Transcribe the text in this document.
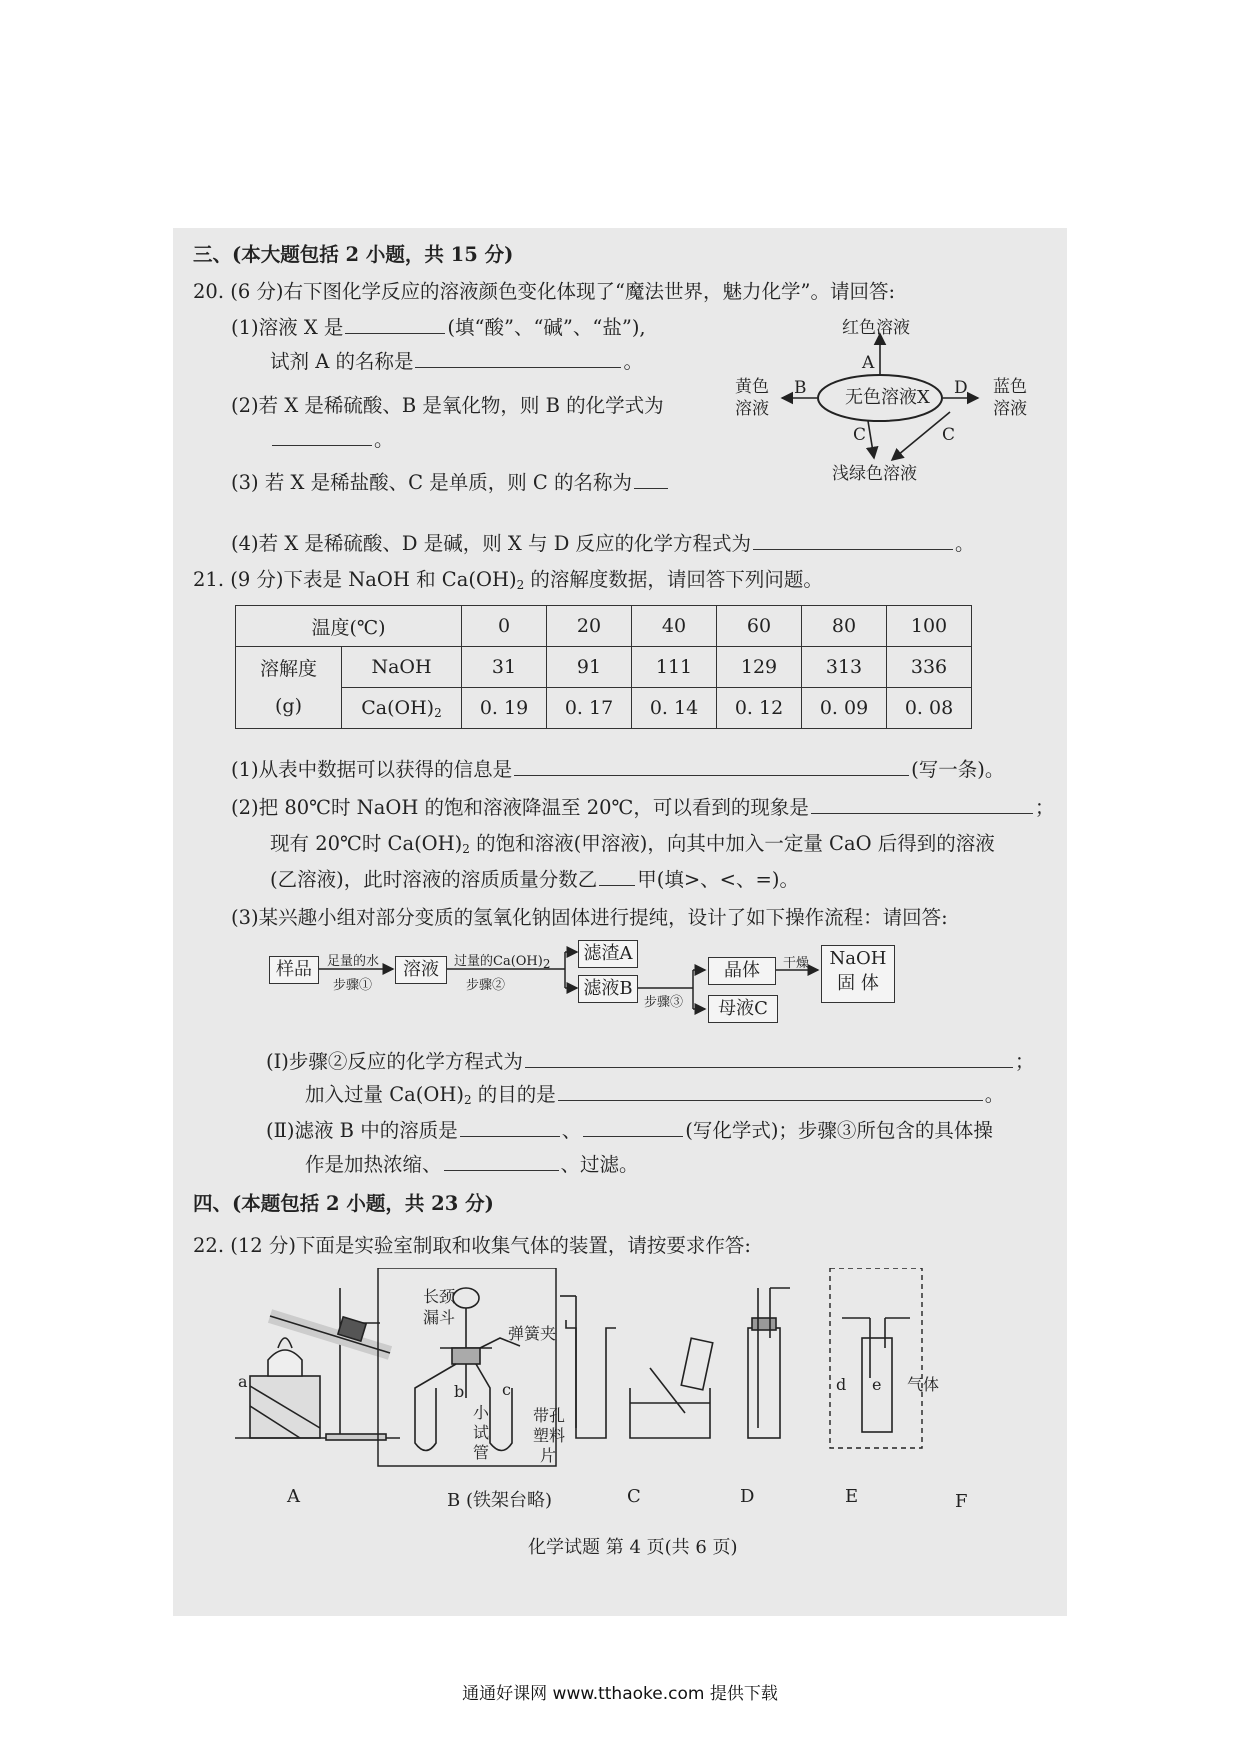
三、(本大题包括 2 小题，共 15 分)
20. (6 分)右下图化学反应的溶液颜色变化体现了“魔法世界，魅力化学”。请回答:
(1)溶液 X 是	(填“酸”、“碱”、“盐”),
试剂 A 的名称是	。
(2)若 X 是稀硫酸、B 是氧化物，则 B 的化学式为
。
(3) 若 X 是稀盐酸、C 是单质，则 C 的名称为
(4)若 X 是稀硫酸、D 是碱，则 X 与 D 反应的化学方程式为	。
无色溶液X
红色溶液
A
黄色
溶液
B	D 蓝色
溶液
C	C
浅绿色溶液
21. (9 分)下表是 NaOH 和 $Ca(OH)_2$ 的溶解度数据，请回答下列问题。
温度(℃)		0	20	40	60	80	100
溶解度
(g)	NaOH	31	91	111	129	313	336
	$Ca(OH)_2$	0. 19	0. 17	0. 14	0. 12	0. 09	0. 08
(1)从表中数据可以获得的信息是	(写一条)。
(2)把 80℃时 NaOH 的饱和溶液降温至 20℃，可以看到的现象是	；
现有 20℃时 $Ca(OH)_2$ 的饱和溶液(甲溶液)，向其中加入一定量 CaO 后得到的溶液
(乙溶液)，此时溶液的溶质质量分数乙 甲(填>、<、=)。
(3)某兴趣小组对部分变质的氢氧化钠固体进行提纯，设计了如下操作流程：请回答:
样品	足量的水
步骤①
溶液	过量的$Ca(OH)_2$
步骤②
滤渣A
滤液B
步骤③
晶体	干燥	NaOH
固 体
母液C
(Ⅰ)步骤②反应的化学方程式为	；
加入过量 $Ca(OH)_2$ 的目的是	。
(Ⅱ)滤液 B 中的溶质是	、	(写化学式)；步骤③所包含的具体操
作是加热浓缩、	、过滤。
四、(本题包括 2 小题，共 23 分)
22. (12 分)下面是实验室制取和收集气体的装置，请按要求作答:
长颈
漏斗
弹簧夹
a
b c
小
试
管
带孔
塑料
片
d e 气体
A	B (铁架台略)	C	D	E	F
化学试题 第 4 页(共 6 页)
通通好课网 www.tthaoke.com 提供下载
